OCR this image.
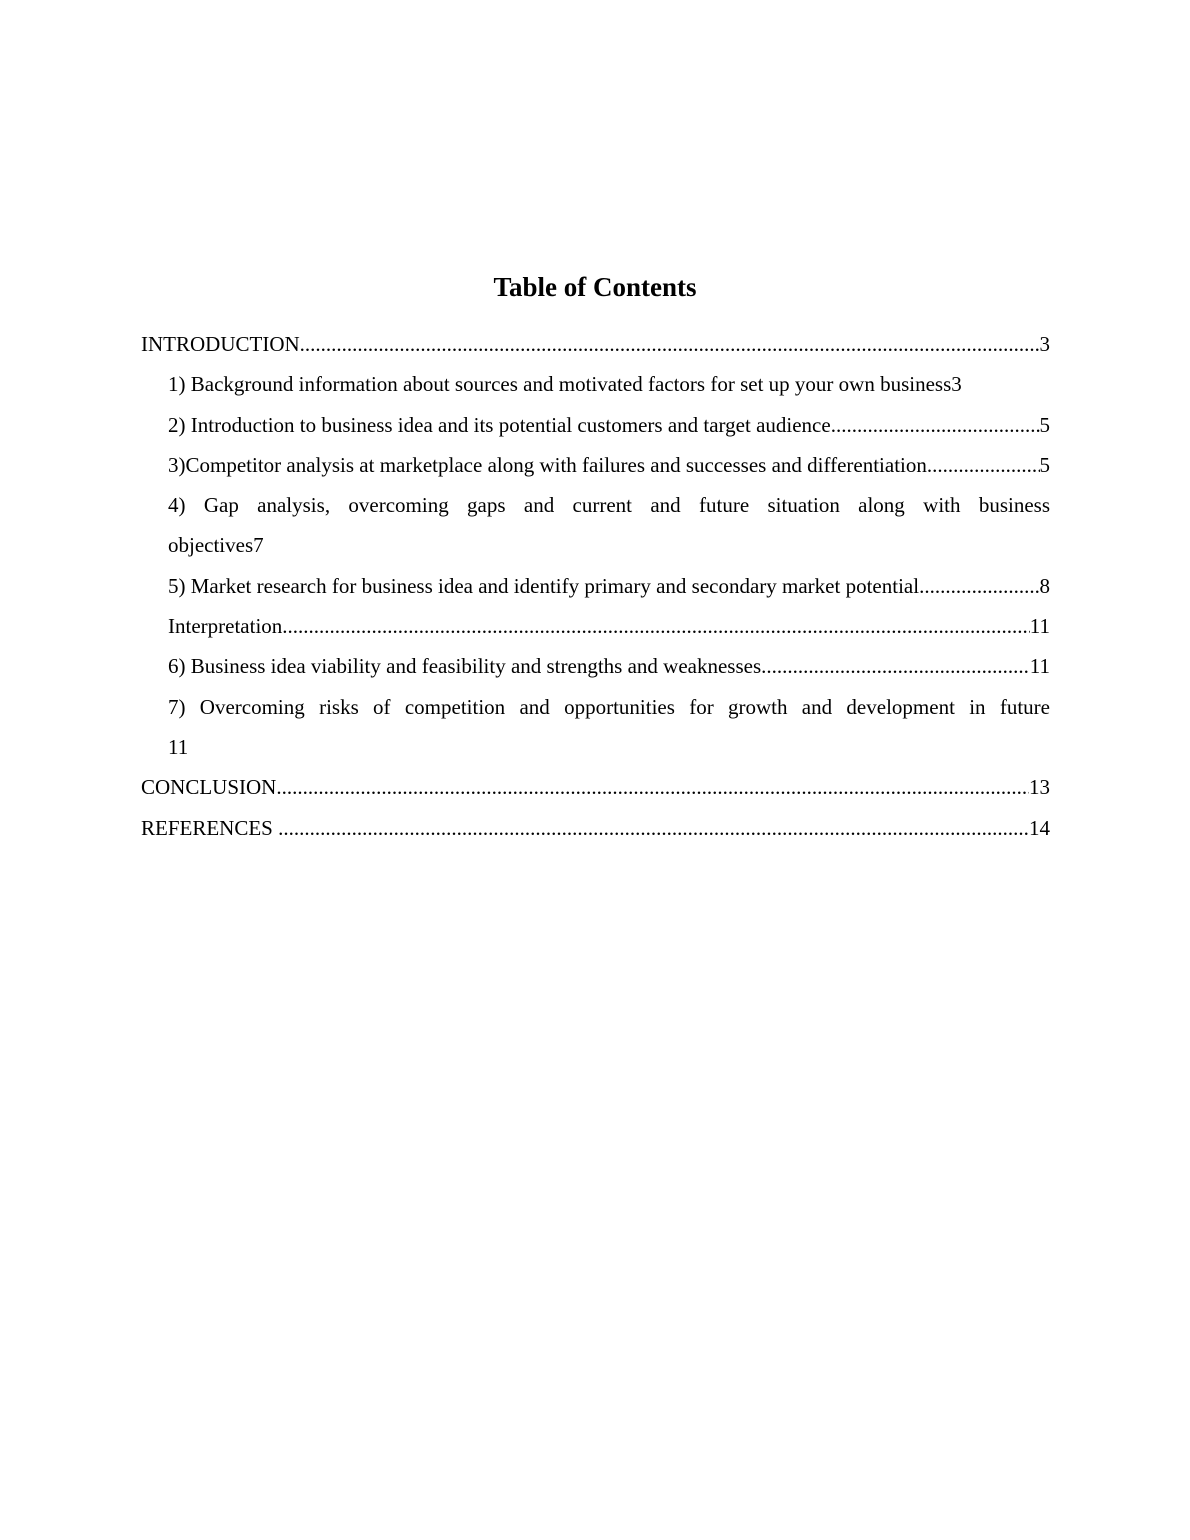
Table of Contents
INTRODUCTION .....	3
1) Background information about sources and motivated factors for set up your own business 3
2) Introduction to business idea and its potential customers and target audience .....	5
3)Competitor analysis at marketplace along with failures and successes and differentiation .....	5
4) Gap analysis, overcoming gaps and current and future situation along with business
objectives 7
5) Market research for business idea and identify primary and secondary market potential .....	8
Interpretation .....	11
6) Business idea viability and feasibility and strengths and weaknesses .....	11
7) Overcoming risks of competition and opportunities for growth and development in future
11
CONCLUSION .....	13
REFERENCES .....	14
